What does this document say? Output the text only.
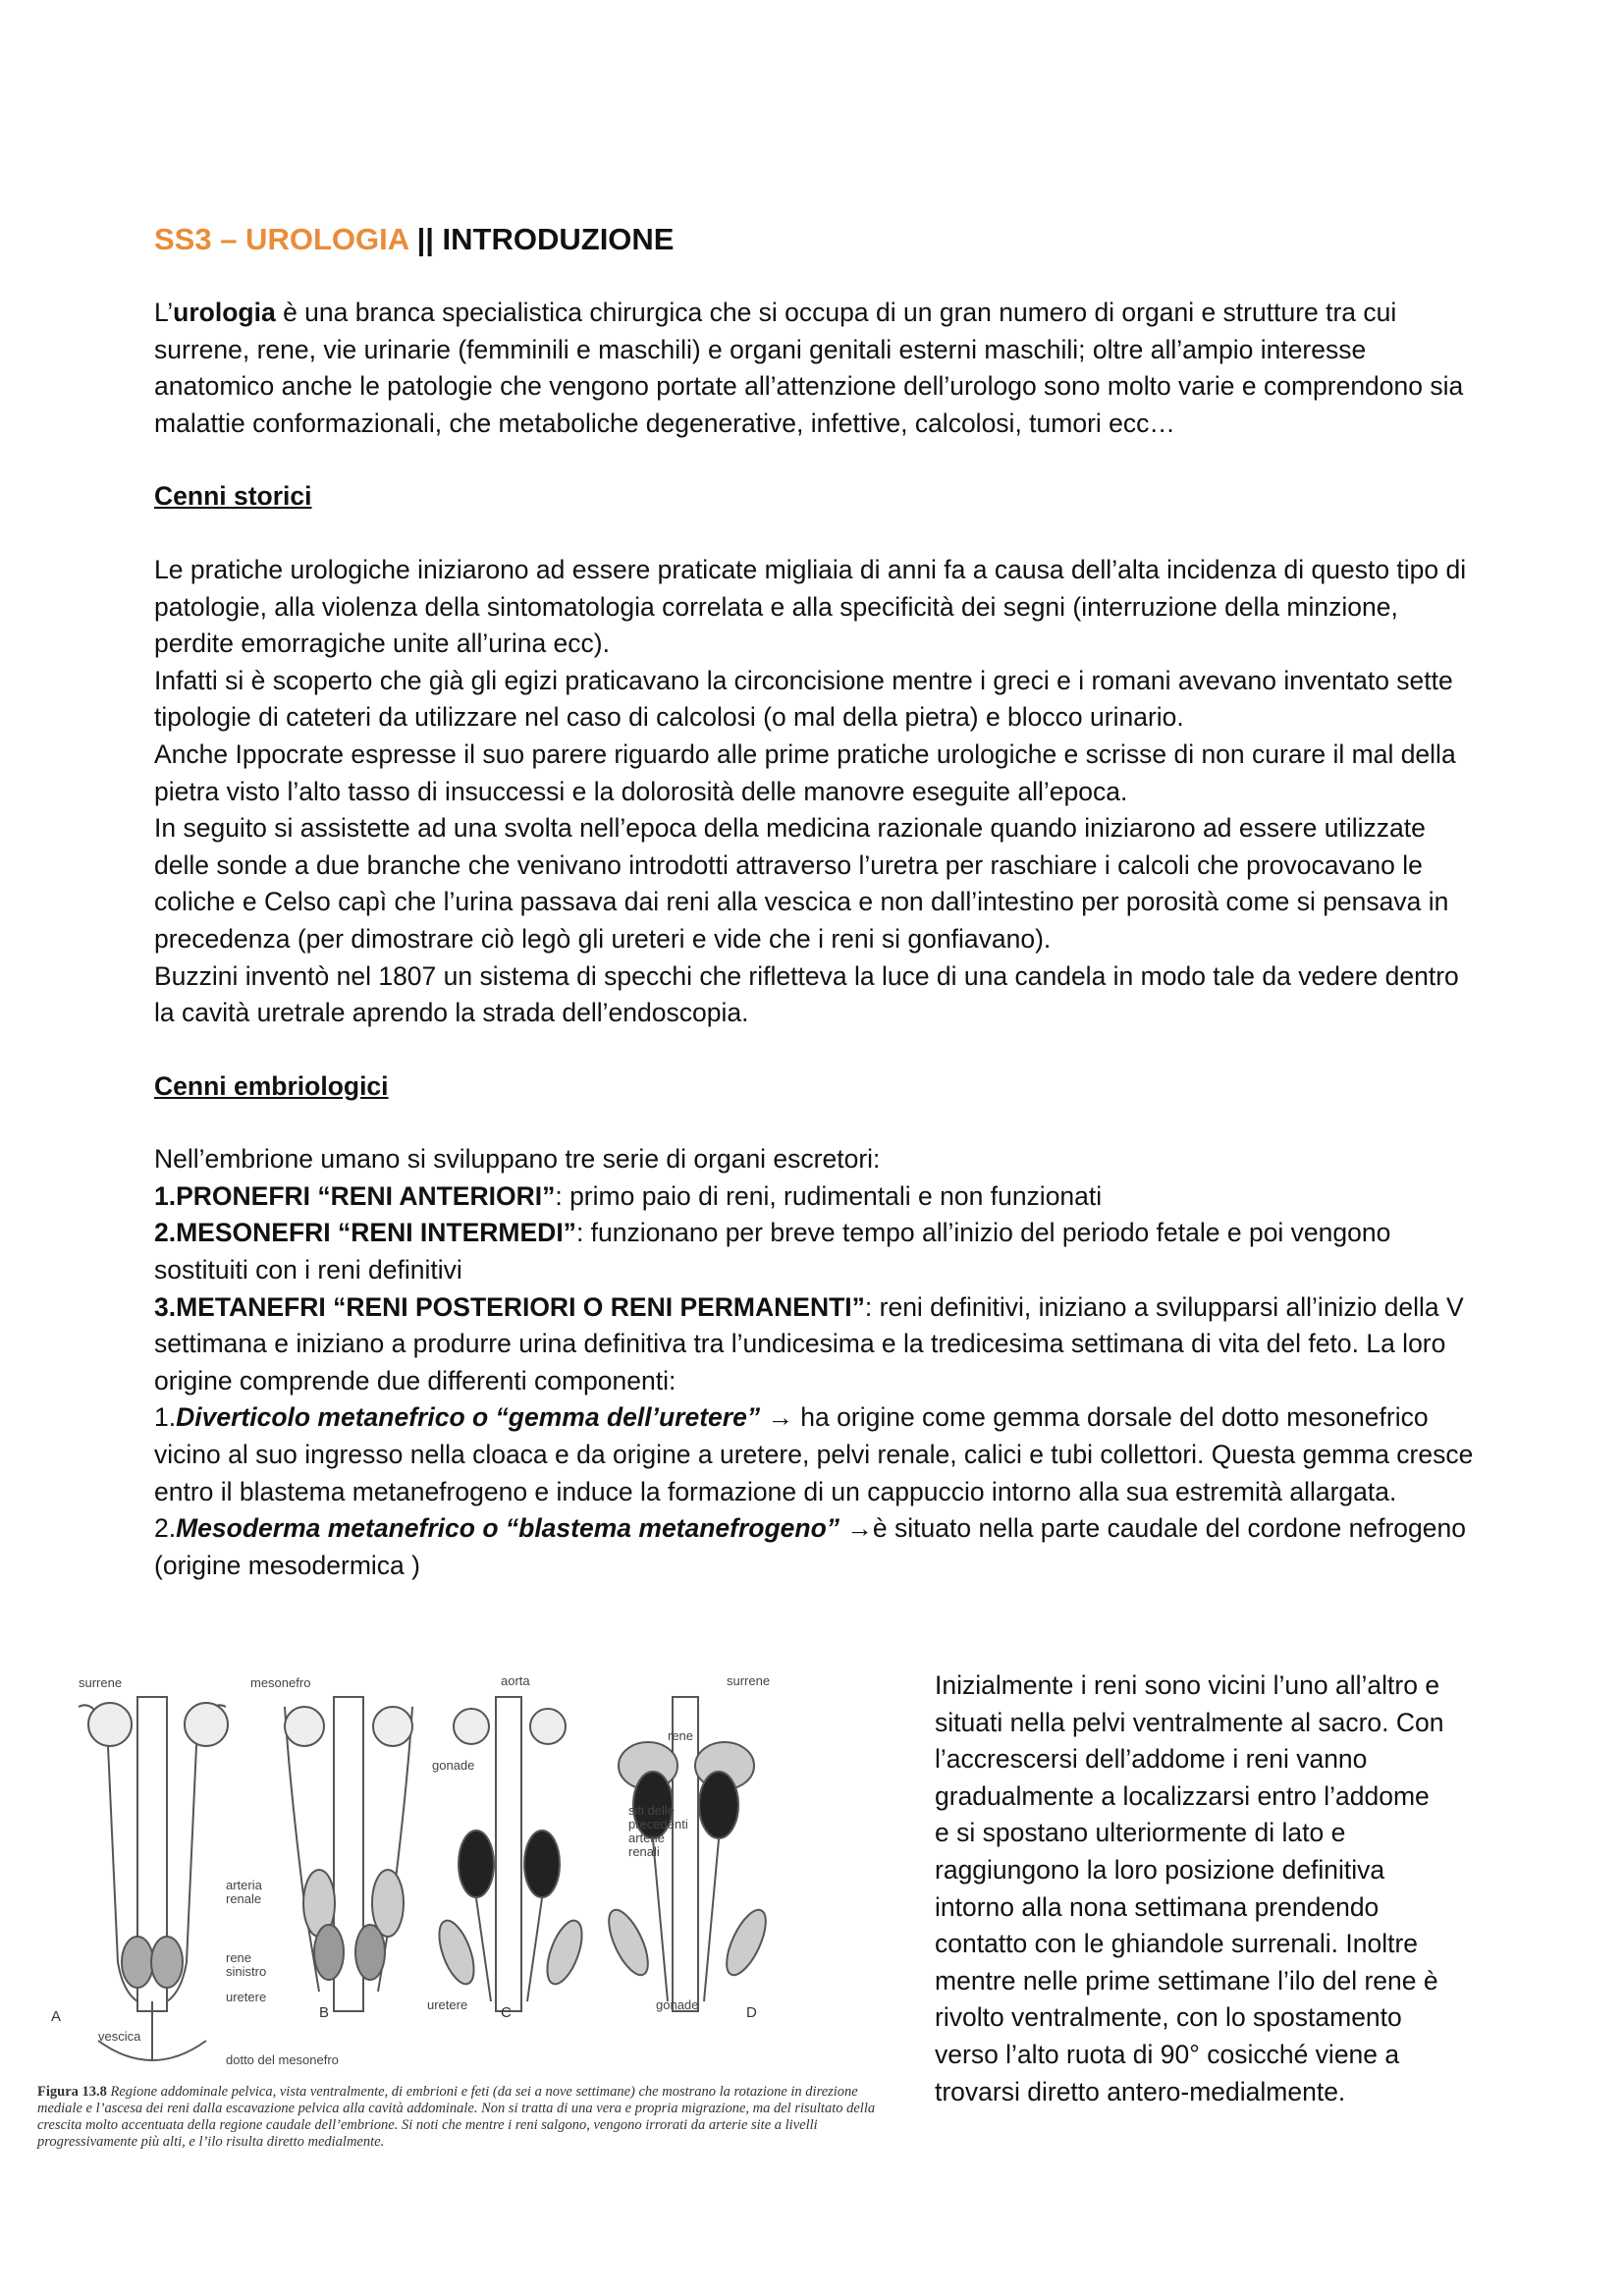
SS3 – UROLOGIA || INTRODUZIONE

L’urologia è una branca specialistica chirurgica che si occupa di un gran numero di organi e strutture tra cui surrene, rene, vie urinarie (femminili e maschili) e organi genitali esterni maschili; oltre all’ampio interesse anatomico anche le patologie che vengono portate all’attenzione dell’urologo sono molto varie e comprendono sia malattie conformazionali, che metaboliche degenerative, infettive, calcolosi, tumori ecc…

Cenni storici

Le pratiche urologiche iniziarono ad essere praticate migliaia di anni fa a causa dell’alta incidenza di questo tipo di patologie, alla violenza della sintomatologia correlata e alla specificità dei segni (interruzione della minzione, perdite emorragiche unite all’urina ecc).

Infatti si è scoperto che già gli egizi praticavano la circoncisione mentre i greci e i romani avevano inventato sette tipologie di cateteri da utilizzare nel caso di calcolosi (o mal della pietra) e blocco urinario.

Anche Ippocrate espresse il suo parere riguardo alle prime pratiche urologiche e scrisse di non curare il mal della pietra visto l’alto tasso di insuccessi e la dolorosità delle manovre eseguite all’epoca.

In seguito si assistette ad una svolta nell’epoca della medicina razionale quando iniziarono ad essere utilizzate delle sonde a due branche che venivano introdotti attraverso l’uretra per raschiare i calcoli che provocavano le coliche e Celso capì che l’urina passava dai reni alla vescica e non dall’intestino per porosità come si pensava in precedenza (per dimostrare ciò legò gli ureteri e vide che i reni si gonfiavano).

Buzzini inventò nel 1807 un sistema di specchi che rifletteva la luce di una candela in modo tale da vedere dentro la cavità uretrale aprendo la strada dell’endoscopia.

Cenni embriologici

Nell’embrione umano si sviluppano tre serie di organi escretori:

1.PRONEFRI “RENI ANTERIORI”: primo paio di reni, rudimentali e non funzionati

2.MESONEFRI “RENI INTERMEDI”: funzionano per breve tempo all’inizio del periodo fetale e poi vengono sostituiti con i reni definitivi

3.METANEFRI “RENI POSTERIORI O RENI PERMANENTI”: reni definitivi, iniziano a svilupparsi all’inizio della V settimana e iniziano a produrre urina definitiva tra l’undicesima e la tredicesima settimana di vita del feto. La loro origine comprende due differenti componenti:

1.Diverticolo metanefrico o “gemma dell’uretere” → ha origine come gemma dorsale del dotto mesonefrico vicino al suo ingresso nella cloaca e da origine a uretere, pelvi renale, calici e tubi collettori. Questa gemma cresce entro il blastema metanefrogeno e induce la formazione di un cappuccio intorno alla sua estremità allargata.

2.Mesoderma metanefrico o “blastema metanefrogeno” →è situato nella parte caudale del cordone nefrogeno (origine mesodermica )

surrene	mesonefro	aorta	surrene
rene
gonade
siti delle precedenti arterie renali
arteria renale
rene sinistro
uretere
uretere	gonade
vescica
dotto del mesonefro
A	B	C	D
Figura 13.8 Regione addominale pelvica, vista ventralmente, di embrioni e feti (da sei a nove settimane) che mostrano la rotazione in direzione mediale e l’ascesa dei reni dalla escavazione pelvica alla cavità addominale. Non si tratta di una vera e propria migrazione, ma del risultato della crescita molto accentuata della regione caudale dell’embrione. Si noti che mentre i reni salgono, vengono irrorati da arterie site a livelli progressivamente più alti, e l’ilo risulta diretto medialmente.

Inizialmente i reni sono vicini l’uno all’altro e situati nella pelvi ventralmente al sacro. Con l’accrescersi dell’addome i reni vanno gradualmente a localizzarsi entro l’addome e si spostano ulteriormente di lato e raggiungono la loro posizione definitiva intorno alla nona settimana prendendo contatto con le ghiandole surrenali. Inoltre mentre nelle prime settimane l’ilo del rene è rivolto ventralmente, con lo spostamento verso l’alto ruota di 90° cosicché viene a trovarsi diretto antero-medialmente.
